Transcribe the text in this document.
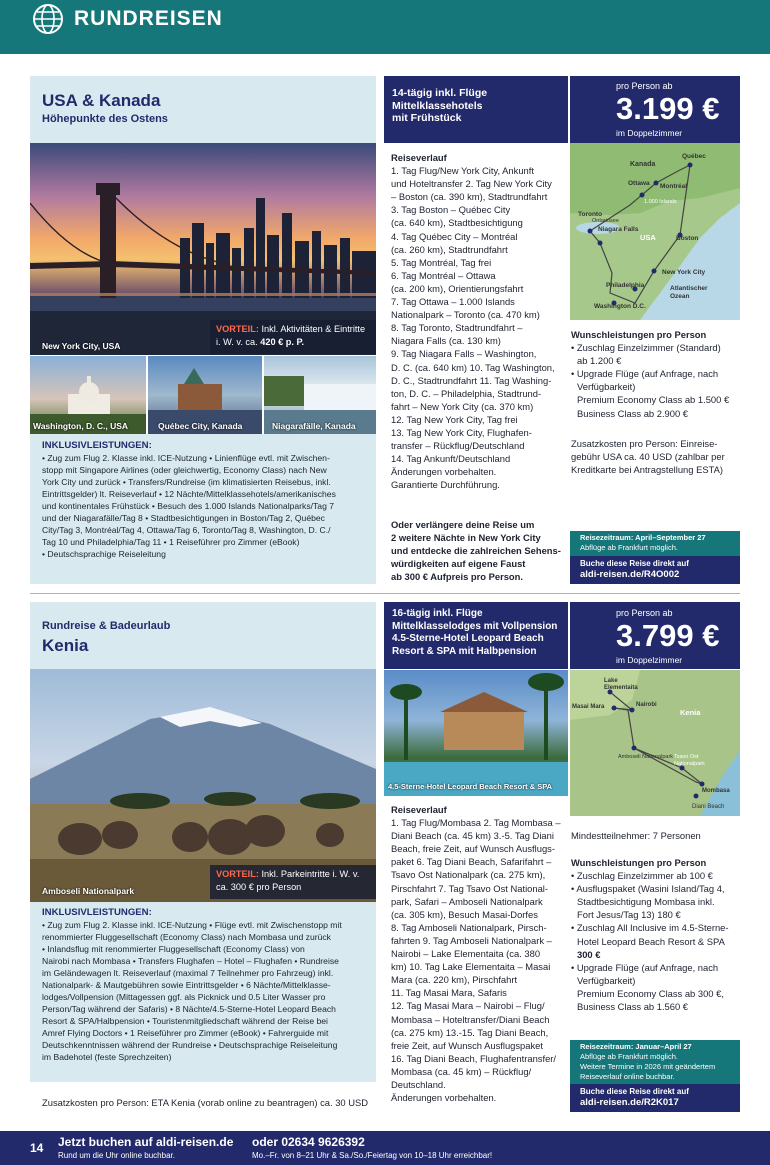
RUNDREISEN
USA & Kanada
Höhepunkte des Ostens
14-tägig inkl. Flüge
Mittelklassehotels
mit Frühstück
pro Person ab
3.199 €
im Doppelzimmer
New York City, USA
VORTEIL: Inkl. Aktivitäten & Eintritte i. W. v. ca. 420 € p. P.
Washington, D. C., USA	Québec City, Kanada	Niagarafälle, Kanada
INKLUSIVLEISTUNGEN:
• Zug zum Flug 2. Klasse inkl. ICE-Nutzung • Linienflüge evtl. mit Zwischen-
stopp mit Singapore Airlines (oder gleichwertig, Economy Class) nach New
York City und zurück • Transfers/Rundreise (im klimatisierten Reisebus, inkl.
Eintrittsgelder) lt. Reiseverlauf • 12 Nächte/Mittelklassehotels/amerikanisches
und kontinentales Frühstück • Besuch des 1.000 Islands Nationalparks/Tag 7
und der Niagarafälle/Tag 8 • Stadtbesichtigungen in Boston/Tag 2, Québec
City/Tag 3, Montréal/Tag 4, Ottawa/Tag 6, Toronto/Tag 8, Washington, D. C./
Tag 10 und Philadelphia/Tag 11 • 1 Reiseführer pro Zimmer (eBook)
• Deutschsprachige Reiseleitung
Reiseverlauf
1. Tag Flug/New York City, Ankunft
und Hoteltransfer 2. Tag New York City
– Boston (ca. 390 km), Stadtrundfahrt
3. Tag Boston – Québec City
(ca. 640 km), Stadtbesichtigung
4. Tag Québec City – Montréal
(ca. 260 km), Stadtrundfahrt
5. Tag Montréal, Tag frei
6. Tag Montréal – Ottawa
(ca. 200 km), Orientierungsfahrt
7. Tag Ottawa – 1.000 Islands
Nationalpark – Toronto (ca. 470 km)
8. Tag Toronto, Stadtrundfahrt –
Niagara Falls (ca. 130 km)
9. Tag Niagara Falls – Washington,
D. C. (ca. 640 km) 10. Tag Washington,
D. C., Stadtrundfahrt 11. Tag Washing-
ton, D. C. – Philadelphia, Stadtrund-
fahrt – New York City (ca. 370 km)
12. Tag New York City, Tag frei
13. Tag New York City, Flughafen-
transfer – Rückflug/Deutschland
14. Tag Ankunft/Deutschland
Änderungen vorbehalten.
Garantierte Durchführung.
Oder verlängere deine Reise um
2 weitere Nächte in New York City
und entdecke die zahlreichen Sehens-
würdigkeiten auf eigene Faust
ab 300 € Aufpreis pro Person.
Kanada
Québec
Ottawa Montréal
1.000 Islands
Toronto
Ontariosee
Niagara Falls
USA	Boston
New York City
Philadelphia
Washington D.C.
Atlantischer Ozean
Wunschleistungen pro Person
• Zuschlag Einzelzimmer (Standard)
ab 1.200 €
• Upgrade Flüge (auf Anfrage, nach
Verfügbarkeit)
Premium Economy Class ab 1.500 €
Business Class ab 2.900 €
Zusatzkosten pro Person: Einreise-
gebühr USA ca. 40 USD (zahlbar per
Kreditkarte bei Antragstellung ESTA)
Reisezeitraum: April–September 27
Abflüge ab Frankfurt möglich.
Buche diese Reise direkt auf
aldi-reisen.de/R4O002
Rundreise & Badeurlaub
Kenia
16-tägig inkl. Flüge
Mittelklasselodges mit Vollpension
4.5-Sterne-Hotel Leopard Beach
Resort & SPA mit Halbpension
pro Person ab
3.799 €
im Doppelzimmer
Amboseli Nationalpark
VORTEIL: Inkl. Parkeintritte i. W. v. ca. 300 € pro Person
INKLUSIVLEISTUNGEN:
• Zug zum Flug 2. Klasse inkl. ICE-Nutzung • Flüge evtl. mit Zwischenstopp mit
renommierter Fluggesellschaft (Economy Class) nach Mombasa und zurück
• Inlandsflug mit renommierter Fluggesellschaft (Economy Class) von
Nairobi nach Mombasa • Transfers Flughafen – Hotel – Flughafen • Rundreise
im Geländewagen lt. Reiseverlauf (maximal 7 Teilnehmer pro Fahrzeug) inkl.
Nationalpark- & Mautgebühren sowie Eintrittsgelder • 6 Nächte/Mittelklasse-
lodges/Vollpension (Mittagessen ggf. als Picknick und 0.5 Liter Wasser pro
Person/Tag während der Safaris) • 8 Nächte/4.5-Sterne-Hotel Leopard Beach
Resort & SPA/Halbpension • Touristenmitgliedschaft während der Reise bei
Amref Flying Doctors • 1 Reiseführer pro Zimmer (eBook) • Fahrerguide mit
Deutschkenntnissen während der Rundreise • Deutschsprachige Reiseleitung
im Badehotel (feste Sprechzeiten)
Zusatzkosten pro Person: ETA Kenia (vorab online zu beantragen) ca. 30 USD
4.5-Sterne-Hotel Leopard Beach Resort & SPA
Reiseverlauf
1. Tag Flug/Mombasa 2. Tag Mombasa –
Diani Beach (ca. 45 km) 3.-5. Tag Diani
Beach, freie Zeit, auf Wunsch Ausflugs-
paket 6. Tag Diani Beach, Safarifahrt –
Tsavo Ost Nationalpark (ca. 275 km),
Pirschfahrt 7. Tag Tsavo Ost National-
park, Safari – Amboseli Nationalpark
(ca. 305 km), Besuch Masai-Dorfes
8. Tag Amboseli Nationalpark, Pirsch-
fahrten 9. Tag Amboseli Nationalpark –
Nairobi – Lake Elementaita (ca. 380
km) 10. Tag Lake Elementaita – Masai
Mara (ca. 220 km), Pirschfahrt
11. Tag Masai Mara, Safaris
12. Tag Masai Mara – Nairobi – Flug/
Mombasa – Hoteltransfer/Diani Beach
(ca. 275 km) 13.-15. Tag Diani Beach,
freie Zeit, auf Wunsch Ausflugspaket
16. Tag Diani Beach, Flughafentransfer/
Mombasa (ca. 45 km) – Rückflug/
Deutschland.
Änderungen vorbehalten.
Lake Elementaita
Masai Mara	Nairobi
Kenia
Amboseli Nationalpark Tsavo Ost Nationalpark
Mombasa
Diani Beach
Mindestteilnehmer: 7 Personen
Wunschleistungen pro Person
• Zuschlag Einzelzimmer ab 100 €
• Ausflugspaket (Wasini Island/Tag 4,
Stadtbesichtigung Mombasa inkl.
Fort Jesus/Tag 13) 180 €
• Zuschlag All Inclusive im 4.5-Sterne-
Hotel Leopard Beach Resort & SPA
300 €
• Upgrade Flüge (auf Anfrage, nach
Verfügbarkeit)
Premium Economy Class ab 300 €,
Business Class ab 1.560 €
Reisezeitraum: Januar–April 27
Abflüge ab Frankfurt möglich.
Weitere Termine in 2026 mit geändertem
Reiseverlauf online buchbar.
Buche diese Reise direkt auf
aldi-reisen.de/R2K017
14 Jetzt buchen auf aldi-reisen.de
Rund um die Uhr online buchbar.
oder 02634 9626392
Mo.–Fr. von 8–21 Uhr & Sa./So./Feiertag von 10–18 Uhr erreichbar!
